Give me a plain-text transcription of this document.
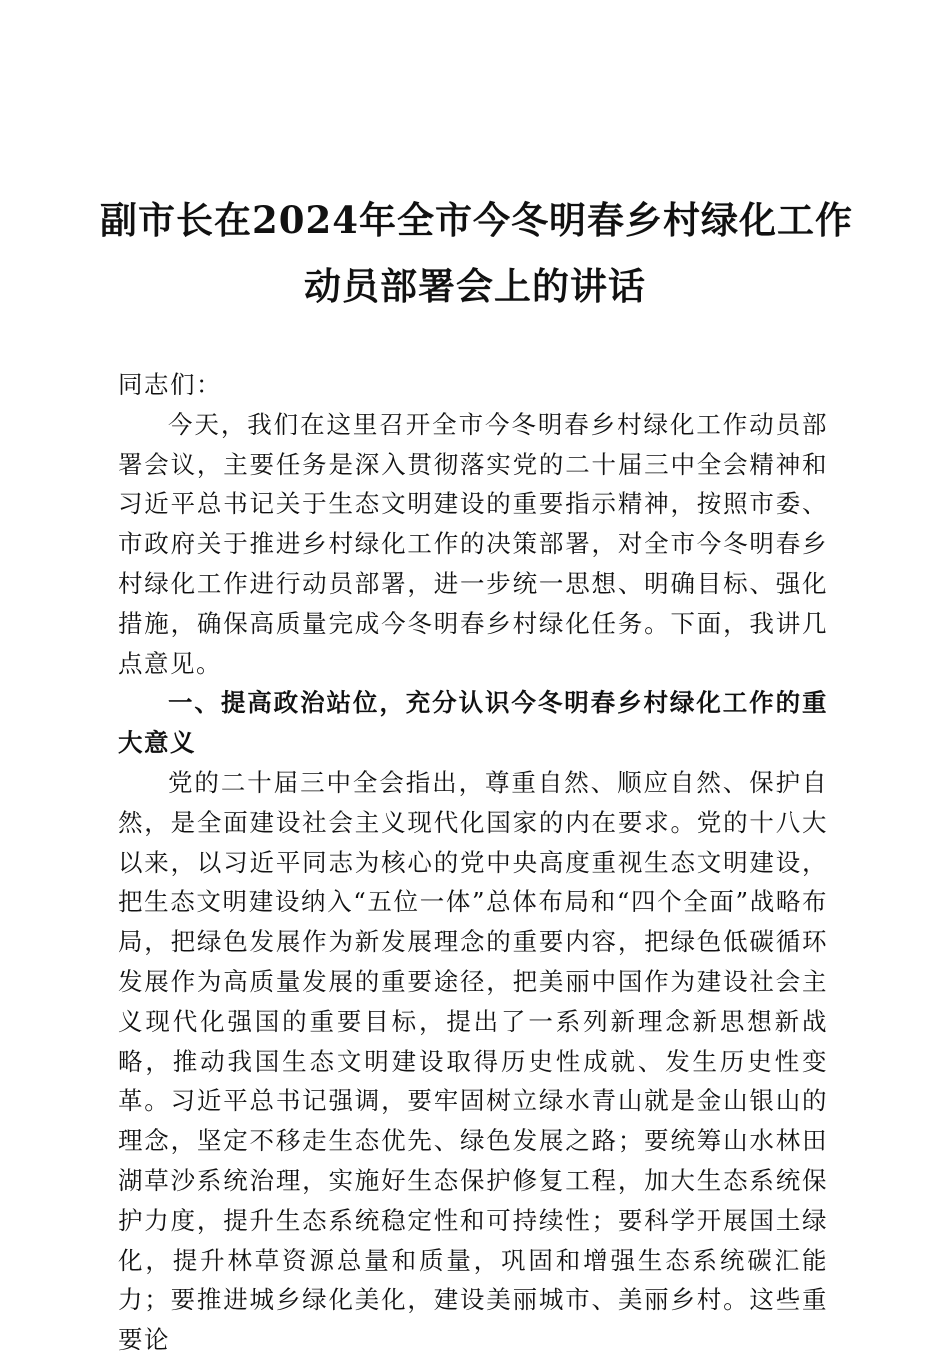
副市长在2024年全市今冬明春乡村绿化工作
动员部署会上的讲话

同志们：

今天，我们在这里召开全市今冬明春乡村绿化工作动员部署会议，主要任务是深入贯彻落实党的二十届三中全会精神和习近平总书记关于生态文明建设的重要指示精神，按照市委、市政府关于推进乡村绿化工作的决策部署，对全市今冬明春乡村绿化工作进行动员部署，进一步统一思想、明确目标、强化措施，确保高质量完成今冬明春乡村绿化任务。下面，我讲几点意见。

一、提高政治站位，充分认识今冬明春乡村绿化工作的重大意义

党的二十届三中全会指出，尊重自然、顺应自然、保护自然，是全面建设社会主义现代化国家的内在要求。党的十八大以来，以习近平同志为核心的党中央高度重视生态文明建设，把生态文明建设纳入“五位一体”总体布局和“四个全面”战略布局，把绿色发展作为新发展理念的重要内容，把绿色低碳循环发展作为高质量发展的重要途径，把美丽中国作为建设社会主义现代化强国的重要目标，提出了一系列新理念新思想新战略，推动我国生态文明建设取得历史性成就、发生历史性变革。习近平总书记强调，要牢固树立绿水青山就是金山银山的理念，坚定不移走生态优先、绿色发展之路；要统筹山水林田湖草沙系统治理，实施好生态保护修复工程，加大生态系统保护力度，提升生态系统稳定性和可持续性；要科学开展国土绿化，提升林草资源总量和质量，巩固和增强生态系统碳汇能力；要推进城乡绿化美化，建设美丽城市、美丽乡村。这些重要论
